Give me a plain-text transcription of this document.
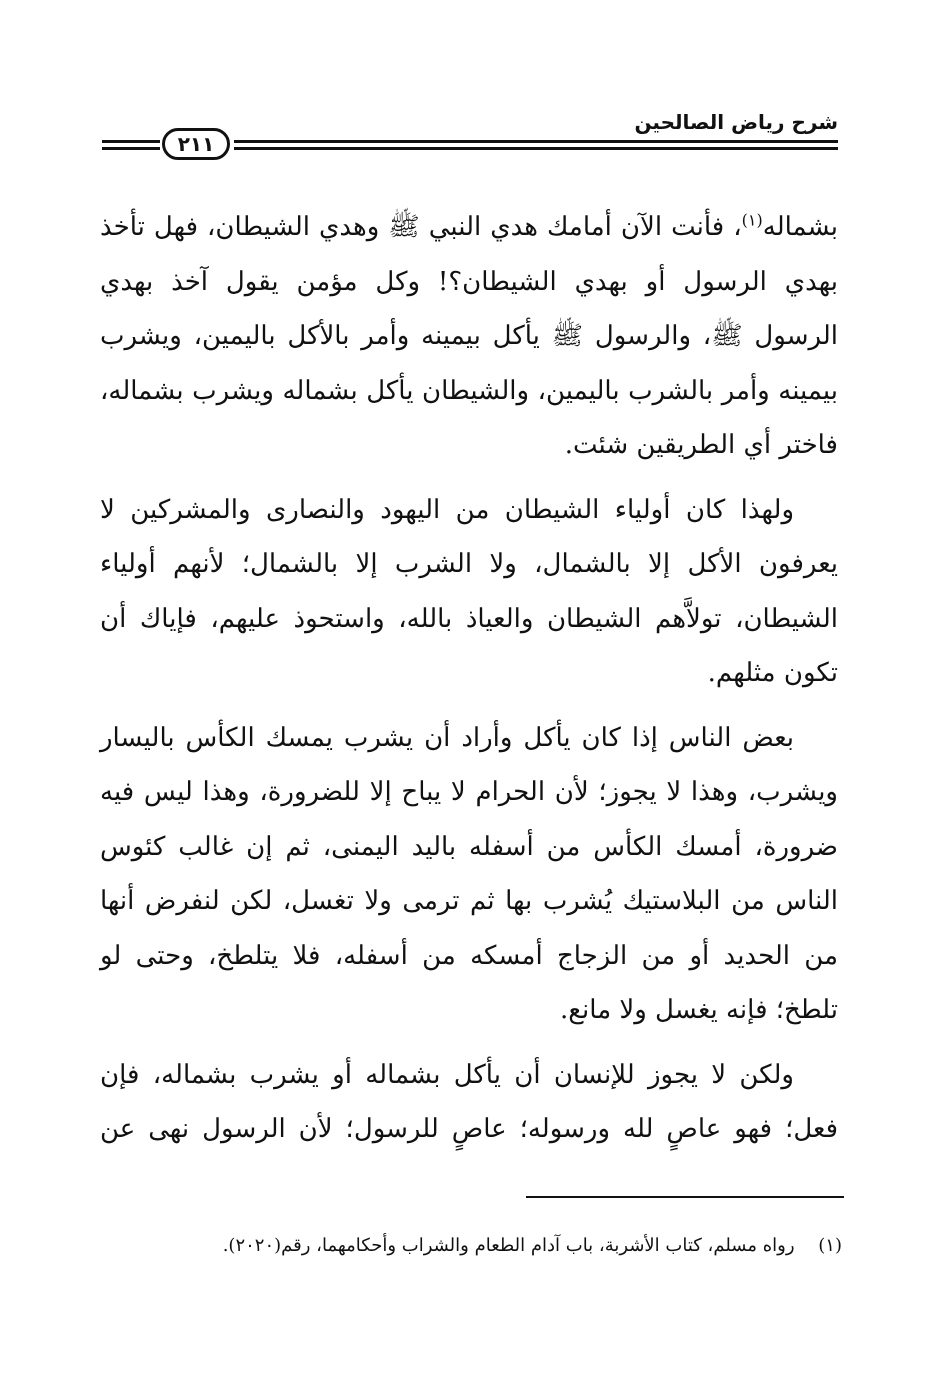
شرح رياض الصالحين
٢١١

بشماله$^{(١)}$، فأنت الآن أمامك هدي النبي ﷺ وهدي الشيطان، فهل تأخذ بهدي الرسول أو بهدي الشيطان؟! وكل مؤمن يقول آخذ بهدي الرسول ﷺ، والرسول ﷺ يأكل بيمينه وأمر بالأكل باليمين، ويشرب بيمينه وأمر بالشرب باليمين، والشيطان يأكل بشماله ويشرب بشماله، فاختر أي الطريقين شئت.

ولهذا كان أولياء الشيطان من اليهود والنصارى والمشركين لا يعرفون الأكل إلا بالشمال، ولا الشرب إلا بالشمال؛ لأنهم أولياء الشيطان، تولاَّهم الشيطان والعياذ بالله، واستحوذ عليهم، فإياك أن تكون مثلهم.

بعض الناس إذا كان يأكل وأراد أن يشرب يمسك الكأس باليسار ويشرب، وهذا لا يجوز؛ لأن الحرام لا يباح إلا للضرورة، وهذا ليس فيه ضرورة، أمسك الكأس من أسفله باليد اليمنى، ثم إن غالب كئوس الناس من البلاستيك يُشرب بها ثم ترمى ولا تغسل، لكن لنفرض أنها من الحديد أو من الزجاج أمسكه من أسفله، فلا يتلطخ، وحتى لو تلطخ؛ فإنه يغسل ولا مانع.

ولكن لا يجوز للإنسان أن يأكل بشماله أو يشرب بشماله، فإن فعل؛ فهو عاصٍ لله ورسوله؛ عاصٍ للرسول؛ لأن الرسول نهى عن

(١) رواه مسلم، كتاب الأشربة، باب آدام الطعام والشراب وأحكامهما، رقم(٢٠٢٠).
